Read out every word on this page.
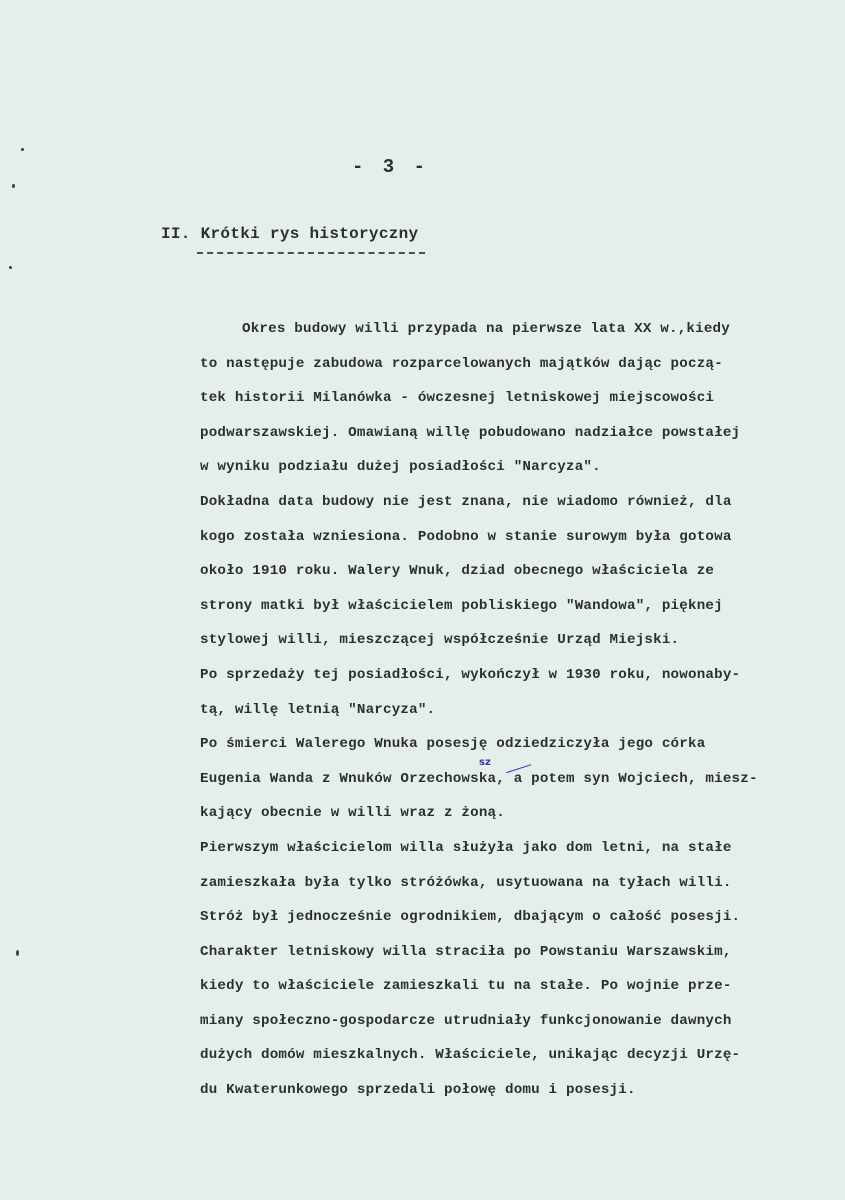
- 3 -
II. Krótki rys historyczny
Okres budowy willi przypada na pierwsze lata XX w.,kiedy
to następuje zabudowa rozparcelowanych majątków dając począ-
tek historii Milanówka - ówczesnej letniskowej miejscowości
podwarszawskiej. Omawianą willę pobudowano nadziałce powstałej
w wyniku podziału dużej posiadłości "Narcyza".
Dokładna data budowy nie jest znana, nie wiadomo również, dla
kogo została wzniesiona. Podobno w stanie surowym była gotowa
około 1910 roku. Walery Wnuk, dziad obecnego właściciela ze
strony matki był właścicielem pobliskiego "Wandowa", pięknej
stylowej willi, mieszczącej współcześnie Urząd Miejski.
Po sprzedaży tej posiadłości, wykończył w 1930 roku, nowonaby-
tą, willę letnią "Narcyza".
Po śmierci Walerego Wnuka posesję odziedziczyła jego córka
Eugenia Wanda z Wnuków Orzechowska, a potem syn Wojciech, miesz-
kający obecnie w willi wraz z żoną.
Pierwszym właścicielom willa służyła jako dom letni, na stałe
zamieszkała była tylko stróżówka, usytuowana na tyłach willi.
Stróż był jednocześnie ogrodnikiem, dbającym o całość posesji.
Charakter letniskowy willa straciła po Powstaniu Warszawskim,
kiedy to właściciele zamieszkali tu na stałe. Po wojnie prze-
miany społeczno-gospodarcze utrudniały funkcjonowanie dawnych
dużych domów mieszkalnych. Właściciele, unikając decyzji Urzę-
du Kwaterunkowego sprzedali połowę domu i posesji.
sz
